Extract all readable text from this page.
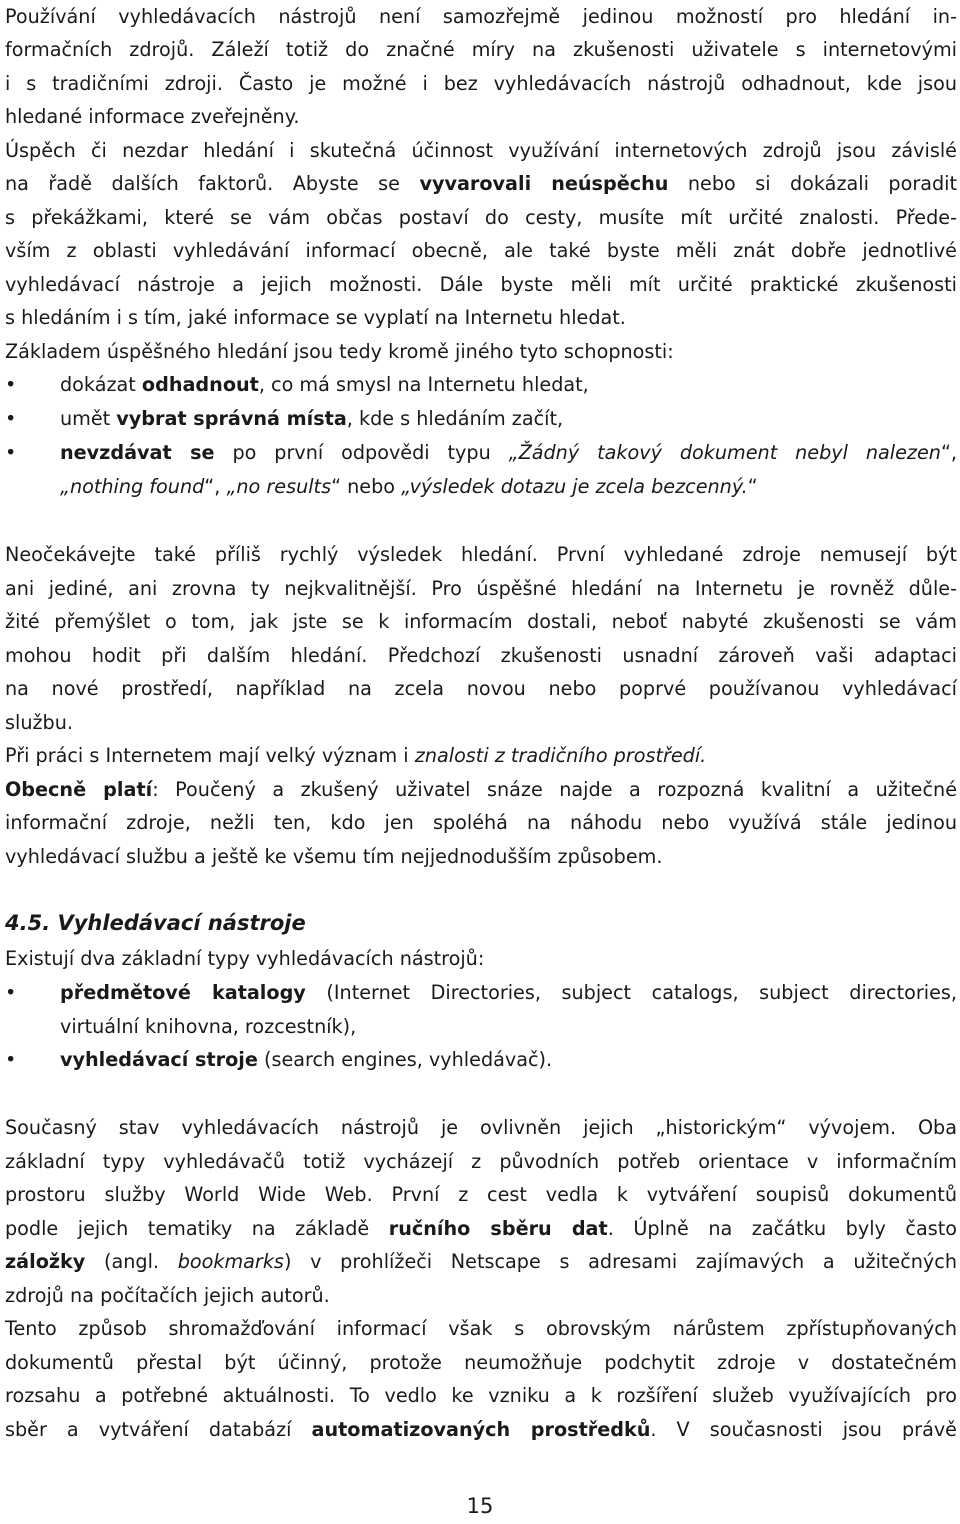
Používání vyhledávacích nástrojů není samozřejmě jedinou možností pro hledání in-
formačních zdrojů. Záleží totiž do značné míry na zkušenosti uživatele s internetovými
i s tradičními zdroji. Často je možné i bez vyhledávacích nástrojů odhadnout, kde jsou
hledané informace zveřejněny.
Úspěch či nezdar hledání i skutečná účinnost využívání internetových zdrojů jsou závislé
na řadě dalších faktorů. Abyste se vyvarovali neúspěchu nebo si dokázali poradit
s překážkami, které se vám občas postaví do cesty, musíte mít určité znalosti. Přede-
vším z oblasti vyhledávání informací obecně, ale také byste měli znát dobře jednotlivé
vyhledávací nástroje a jejich možnosti. Dále byste měli mít určité praktické zkušenosti
s hledáním i s tím, jaké informace se vyplatí na Internetu hledat.
Základem úspěšného hledání jsou tedy kromě jiného tyto schopnosti:
•	dokázat odhadnout, co má smysl na Internetu hledat,
•	umět vybrat správná místa, kde s hledáním začít,
•	nevzdávat se po první odpovědi typu „Žádný takový dokument nebyl nalezen“,
„nothing found“, „no results“ nebo „výsledek dotazu je zcela bezcenný.“
Neočekávejte také příliš rychlý výsledek hledání. První vyhledané zdroje nemusejí být
ani jediné, ani zrovna ty nejkvalitnější. Pro úspěšné hledání na Internetu je rovněž důle-
žité přemýšlet o tom, jak jste se k informacím dostali, neboť nabyté zkušenosti se vám
mohou hodit při dalším hledání. Předchozí zkušenosti usnadní zároveň vaši adaptaci
na nové prostředí, například na zcela novou nebo poprvé používanou vyhledávací
službu.
Při práci s Internetem mají velký význam i znalosti z tradičního prostředí.
Obecně platí: Poučený a zkušený uživatel snáze najde a rozpozná kvalitní a užitečné
informační zdroje, nežli ten, kdo jen spoléhá na náhodu nebo využívá stále jedinou
vyhledávací službu a ještě ke všemu tím nejjednodušším způsobem.
4.5. Vyhledávací nástroje
Existují dva základní typy vyhledávacích nástrojů:
•	předmětové katalogy (Internet Directories, subject catalogs, subject directories,
virtuální knihovna, rozcestník),
•	vyhledávací stroje (search engines, vyhledávač).
Současný stav vyhledávacích nástrojů je ovlivněn jejich „historickým“ vývojem. Oba
základní typy vyhledávačů totiž vycházejí z původních potřeb orientace v informačním
prostoru služby World Wide Web. První z cest vedla k vytváření soupisů dokumentů
podle jejich tematiky na základě ručního sběru dat. Úplně na začátku byly často
záložky (angl. bookmarks) v prohlížeči Netscape s adresami zajímavých a užitečných
zdrojů na počítačích jejich autorů.
Tento způsob shromažďování informací však s obrovským nárůstem zpřístupňovaných
dokumentů přestal být účinný, protože neumožňuje podchytit zdroje v dostatečném
rozsahu a potřebné aktuálnosti. To vedlo ke vzniku a k rozšíření služeb využívajících pro
sběr a vytváření databází automatizovaných prostředků. V současnosti jsou právě
15
